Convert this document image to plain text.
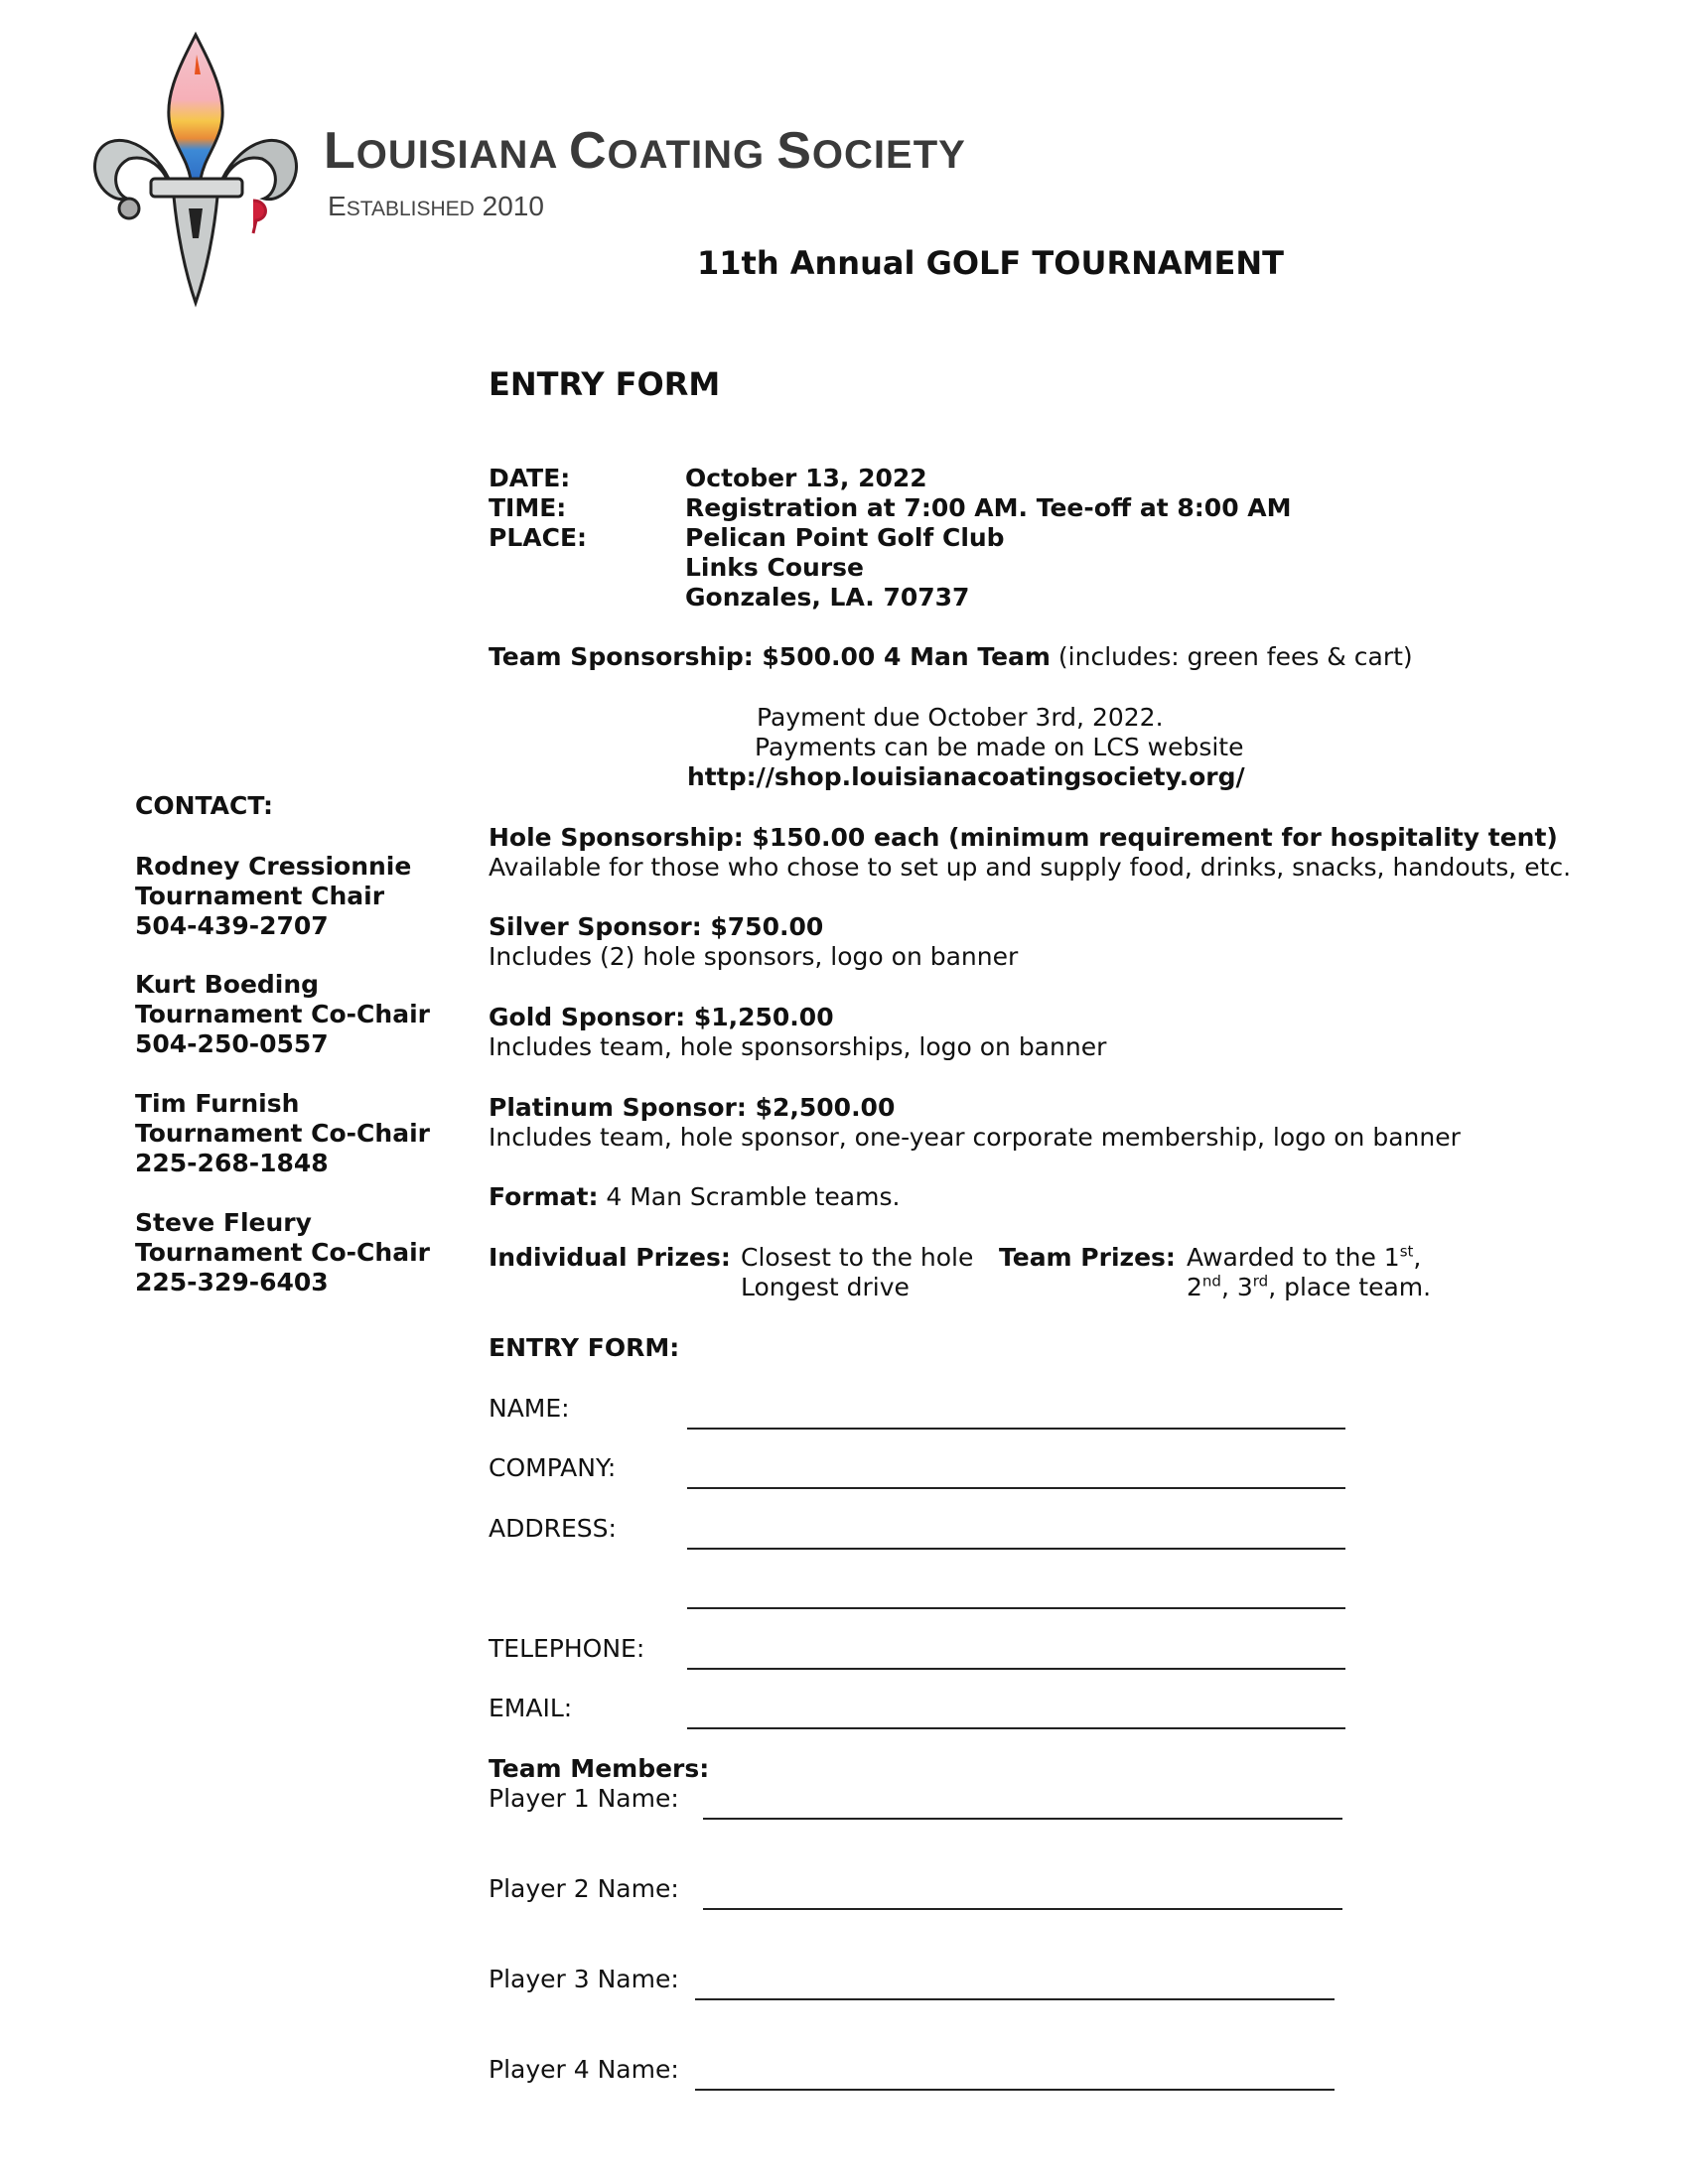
LOUISIANA COATING SOCIETY
ESTABLISHED 2010
11th Annual GOLF TOURNAMENT
ENTRY FORM
DATE:	October 13, 2022
TIME:	Registration at 7:00 AM. Tee-off at 8:00 AM
PLACE:	Pelican Point Golf Club
Links Course
Gonzales, LA. 70737
Team Sponsorship: $500.00 4 Man Team (includes: green fees & cart)
Payment due October 3rd, 2022.
Payments can be made on LCS website
http://shop.louisianacoatingsociety.org/
CONTACT:
Rodney Cressionnie
Tournament Chair
504-439-2707
Kurt Boeding
Tournament Co-Chair
504-250-0557
Tim Furnish
Tournament Co-Chair
225-268-1848
Steve Fleury
Tournament Co-Chair
225-329-6403
Hole Sponsorship: $150.00 each (minimum requirement for hospitality tent)
Available for those who chose to set up and supply food, drinks, snacks, handouts, etc.
Silver Sponsor: $750.00
Includes (2) hole sponsors, logo on banner
Gold Sponsor: $1,250.00
Includes team, hole sponsorships, logo on banner
Platinum Sponsor: $2,500.00
Includes team, hole sponsor, one-year corporate membership, logo on banner
Format: 4 Man Scramble teams.
Individual Prizes: Closest to the hole
Longest drive
Team Prizes: Awarded to the 1st,
2nd, 3rd, place team.
ENTRY FORM:
NAME:
COMPANY:
ADDRESS:
TELEPHONE:
EMAIL:
Team Members:
Player 1 Name:
Player 2 Name:
Player 3 Name:
Player 4 Name:
